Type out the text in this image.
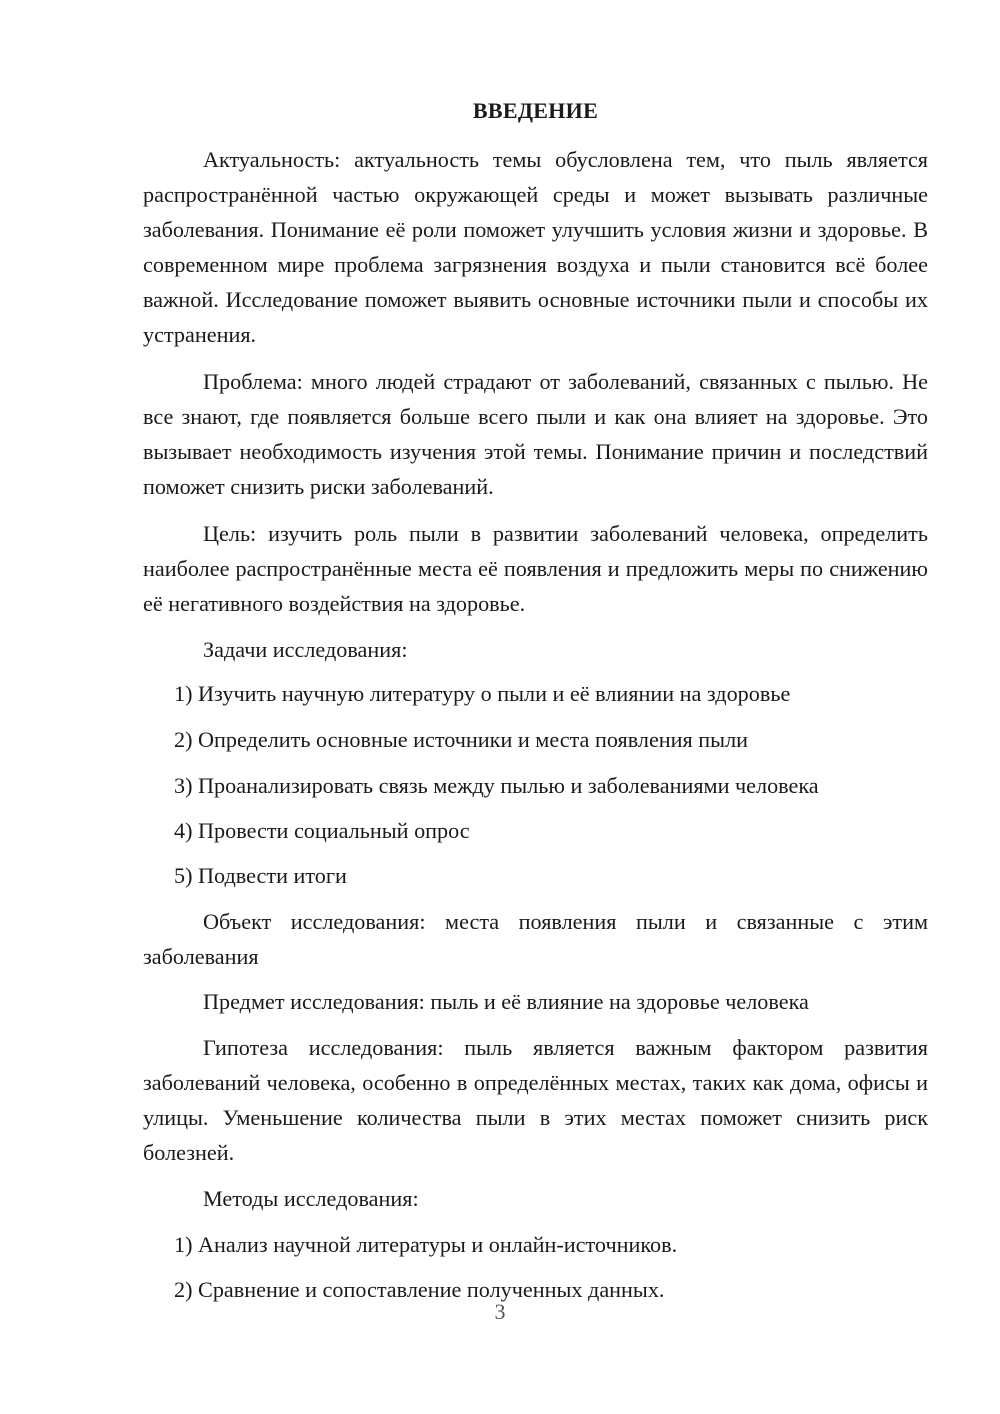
ВВЕДЕНИЕ

Актуальность: актуальность темы обусловлена тем, что пыль является распространённой частью окружающей среды и может вызывать различные заболевания. Понимание её роли поможет улучшить условия жизни и здоровье. В современном мире проблема загрязнения воздуха и пыли становится всё более важной. Исследование поможет выявить основные источники пыли и способы их устранения.

Проблема: много людей страдают от заболеваний, связанных с пылью. Не все знают, где появляется больше всего пыли и как она влияет на здоровье. Это вызывает необходимость изучения этой темы. Понимание причин и последствий поможет снизить риски заболеваний.

Цель: изучить роль пыли в развитии заболеваний человека, определить наиболее распространённые места её появления и предложить меры по снижению её негативного воздействия на здоровье.

Задачи исследования:
1) Изучить научную литературу о пыли и её влиянии на здоровье
2) Определить основные источники и места появления пыли
3) Проанализировать связь между пылью и заболеваниями человека
4) Провести социальный опрос
5) Подвести итоги

Объект исследования: места появления пыли и связанные с этим заболевания

Предмет исследования: пыль и её влияние на здоровье человека

Гипотеза исследования: пыль является важным фактором развития заболеваний человека, особенно в определённых местах, таких как дома, офисы и улицы. Уменьшение количества пыли в этих местах поможет снизить риск болезней.

Методы исследования:
1) Анализ научной литературы и онлайн-источников.
2) Сравнение и сопоставление полученных данных.
3
